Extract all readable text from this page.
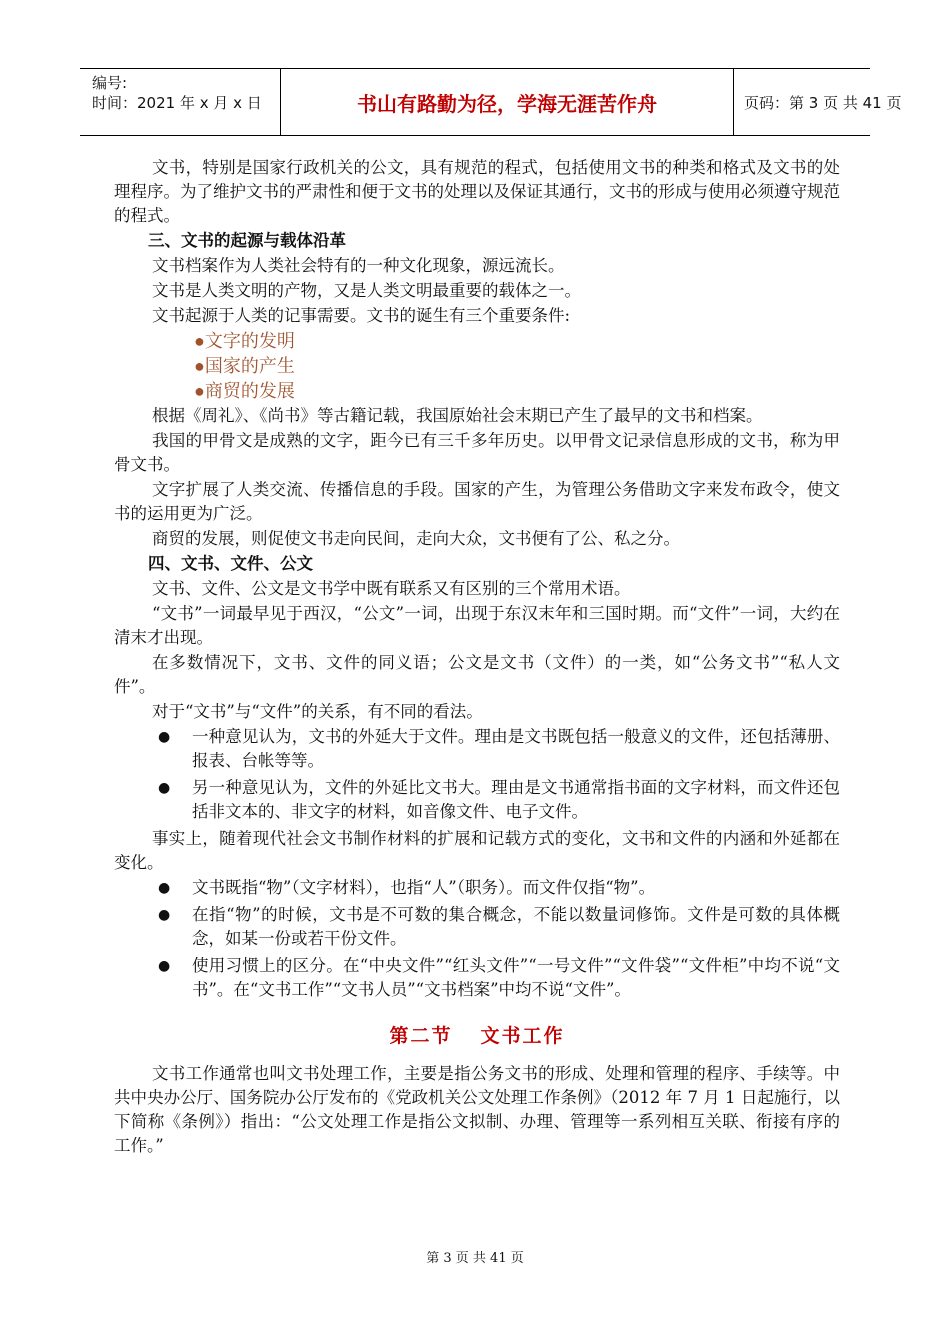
编号:
时间：2021 年 x 月 x 日	书山有路勤为径，学海无涯苦作舟	页码：第 3 页 共 41 页

文书，特别是国家行政机关的公文，具有规范的程式，包括使用文书的种类和格式及文书的处理程序。为了维护文书的严肃性和便于文书的处理以及保证其通行，文书的形成与使用必须遵守规范的程式。

三、文书的起源与载体沿革

文书档案作为人类社会特有的一种文化现象，源远流长。

文书是人类文明的产物，又是人类文明最重要的载体之一。

文书起源于人类的记事需要。文书的诞生有三个重要条件:

●文字的发明
●国家的产生
●商贸的发展

根据《周礼》、《尚书》等古籍记载，我国原始社会末期已产生了最早的文书和档案。

我国的甲骨文是成熟的文字，距今已有三千多年历史。以甲骨文记录信息形成的文书，称为甲骨文书。

文字扩展了人类交流、传播信息的手段。国家的产生，为管理公务借助文字来发布政令，使文书的运用更为广泛。

商贸的发展，则促使文书走向民间，走向大众，文书便有了公、私之分。

四、文书、文件、公文

文书、文件、公文是文书学中既有联系又有区别的三个常用术语。

“文书”一词最早见于西汉，“公文”一词，出现于东汉末年和三国时期。而“文件”一词，大约在清末才出现。

在多数情况下，文书、文件的同义语；公文是文书（文件）的一类，如“公务文书”“私人文件”。

对于“文书”与“文件”的关系，有不同的看法。

● 一种意见认为，文书的外延大于文件。理由是文书既包括一般意义的文件，还包括薄册、报表、台帐等等。
● 另一种意见认为，文件的外延比文书大。理由是文书通常指书面的文字材料，而文件还包括非文本的、非文字的材料，如音像文件、电子文件。

事实上，随着现代社会文书制作材料的扩展和记载方式的变化，文书和文件的内涵和外延都在变化。

● 文书既指“物”（文字材料），也指“人”（职务）。而文件仅指“物”。
● 在指“物”的时候，文书是不可数的集合概念，不能以数量词修饰。文件是可数的具体概念，如某一份或若干份文件。
● 使用习惯上的区分。在“中央文件”“红头文件”“一号文件”“文件袋”“文件柜”中均不说“文书”。在“文书工作”“文书人员”“文书档案”中均不说“文件”。
第二节 文书工作

文书工作通常也叫文书处理工作，主要是指公务文书的形成、处理和管理的程序、手续等。中共中央办公厅、国务院办公厅发布的《党政机关公文处理工作条例》（2012 年 7 月 1 日起施行，以下简称《条例》）指出：“公文处理工作是指公文拟制、办理、管理等一系列相互关联、衔接有序的工作。”

第 3 页 共 41 页
